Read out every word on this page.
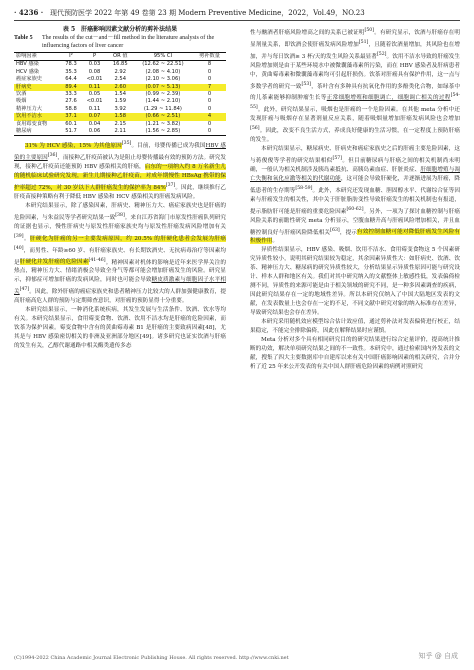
· 4236 · 现代预防医学 2022 年第 49 卷第 23 期 Modern Preventive Medicine，2022，Vol.49，NO.23
表 5　肝癌影响因素文献分析的剪补法结果
Table 5	The results of the cut－and－fill method in the literature analysis of the influencing factors of liver cancer
影响因素	I²	P	OR 值	95% CI	剪补数量
HBV 感染	78.3	0.03	16.85	(12.62 ~ 22.51)	8
HCV 感染	35.3	0.08	2.92	(2.08 ~ 4.10)	0
癌症家族史	64.4	<0.01	2.54	(2.10 ~ 3.06)	0
肝病史	89.4	0.11	2.60	(0.07 ~ 5.13)	7
饮酒	33.3	0.05	1.54	(0.99 ~ 2.39)	0
吸烟	27.6	<0.01	1.59	(1.44 ~ 2.10)	0
精神压力大	58.8	0.11	3.92	(1.29 ~ 11.84)	0
饮用不洁水	37.1	0.07	1.58	(0.66 ~ 2.51)	4
食用霉变食物	60.1	0.04	2.15	(1.21 ~ 3.82)	0
糖尿病	51.7	0.06	2.11	(1.56 ~ 2.85)	0

31% 为 HCV 感染，15% 为其他原因[35]。目前，母婴传播已成为我国HBV 感染的主要原因[36]，而接种乙肝疫苗被认为是阻止母婴传播最有效的预防方法。研究发现，接种乙肝疫苗还能预防 HBV 感染相关的肝癌，启东的一项纳入约 8 万名新生儿的随机临床试验研究发现，新生儿期接种乙肝疫苗，对成年期慢性 HBsAg 携带的保护率超过 72%，对 30 岁以下人群肝癌发生的保护率为 84%[37]。因此，继续推行乙肝疫苗接种策略有利于降低 HBV 感染和 HCV 感染相关的肝癌发病风险。

本研究结果显示，除了感染因素，肝病史、精神压力大、癌症家族史也是肝癌的危险因素，与朱益民等学者研究结果一致[38]。来自江苏省海门市原发性肝癌队列研究的证据也显示，慢性肝病史与原发性肝癌家族史均与原发性肝癌发病风险增加有关[39]。肝硬化为肝癌的另一主要发病原因，约 20.5% 的肝硬化患者会发展为肝癌[40]，而男性、年龄≥60 岁、有肝癌家族史、有长期饮酒史、无抗病毒治疗等因素均是肝硬化并发肝癌的危险因素[41-46]。精神因素对机体的影响是近年来医学界关注的热点，精神压力大、情绪消极会导致全身气等都可能会增加肝癌发生的风险。研究显示，抑郁症可增加肝癌的发病风险，同时也可能会导致糖皮质激素与细胞因子水平相关[47]。因此，除外肝癌的癌症家族史和患者精神压力比较大的人群加强健康教育，提高肝癌高危人群的预防与定期筛查意识，对肝癌的预防显得十分重要。

本研究结果显示，一种消化系统疾病，其发生发展与生活条件、饮酒、饮水等均有关。本研究结果显示，食用霉变食物、饮酒、饮用不洁水均是肝癌的危险因素，而饮茶为保护因素。霉变食物中含有的黄曲霉毒素 B1 是肝癌的主要致病因素[48]，尤其是与 HBV 感染密切相关的非洲及亚洲部分地区[49]。诸多研究也证实饮酒与肝癌的发生有关，乙醇代谢通路中相关酶类遗传多态

性与酗酒者肝癌风险增高之间的关系已被证明[50]。有研究显示，饮酒与肝癌存在明显剂量关系，即饮酒会使肝癌发病风险增加[51]，且随着饮酒量增加，其风险也在增加，并与每日饮酒≥ 3 杯/天的发生风险关系最显著[52]。饮用不洁水导致的肝癌发生风险增加则是由于某些环境水中被微囊藻毒素所污染，而在 HBV 感染者及肝病患者中，黄曲霉毒素和微囊藻毒素均可引起肝损伤。饮茶对肝癌具有保护作用，这一点与多数学者的研究一致[53]，茶叶含有多种具有抗氧化作用的多酚类化合物，如绿茶中的儿茶素能够抑制肿瘤生长等正常细胞增殖和细胞调亡，细胞调亡相关的过程[54-55]。此外，研究结果显示，吸烟也是肝癌的一个危险因素。在其他 meta 分析中还发现肝癌与吸烟存在显著剂量反应关系，随着吸烟量增加肝癌发病风险也会增加[56]。因此，改变不良生活方式，养成良好健康的生活习惯，在一定程度上预防肝癌的发生。

本研究结果显示，糖尿病史、肝病史和癌症家族史之后的肝癌主要危险因素，这与蒋俊俊等学者的研究结果相似[57]。但目前糖尿病与肝癌之间的相关机制尚未明确，一般认为相关机制涉及胰岛素抵抗、高胰岛素血症、肝脏炎症、肝细胞增殖与凋亡失衡和氧化应激等相关的代谢功能，这可能会导致肝硬化，并逐渐进展为肝癌，降低患者的生存期等[58-59]。此外，本研究还发现血糖、胆固醇水平、代谢综合征等因素与肝癌发生的相关性，其中关于肝脏脂肪变性导致肝癌发生的相关机制也有报道，提示脂肪肝可能是肝癌的重要危险因素[60-62]。另外，一项为了探讨血糖控制与肝癌风险关系的前瞻性研究 meta 分析显示，空腹血糖升高与肝癌风险增加相关，并且血糖控制良好与肝癌风险降低相关[63]，提示有效控制血糖可能对降低肝癌发生风险有积极作用。

异质性结果显示，HBV 感染、吸烟、饮用不洁水、食用霉变食物这 5 个因素研究异质性较小，说明其研究结果较为稳定，其余因素异质性大：如肝病史、饮酒、饮茶、精神压力大、糖尿病的研究异质性较大，分析结果显示异质性原因可能与研究设计、样本人群和地区有关。我们对其中研究纳入的文献整体上敏感性低，发表偏倚检测不同，异质性的来源可能是由于相关领域的研究不同，是一种多因素调查的疾病，因此研究结果存在一定的地域性差异。所以本研究仅纳入了中国大陆地区发表的文献，在发表数量上也会存在一定的不足，不同文献中研究对象的纳入标准存在差异，导致研究结果也会存在差异。

本研究采用随机效应模型综合估计效应值，通过剪补法对发表偏倚进行校正，结果稳定，不能完全排除偏倚，因此在解释结果时应谨慎。

Meta 分析对多个具有相同研究目的的研究结果进行综合定量评价，提高统计推断的功效，解决单项研究结果之间的不一致性。本研究中，通过检索国内外发表的文献，搜集了四大主要数据库中自建库以来有关中国肝癌影响因素的相关研究，合并分析了近 25 年来公开发表的有关中国人群肝癌危险因素的病例对照研究

(C)1994-2022 China Academic Journal Electronic Publishing House. All rights reserved. http://www.cnki.net	知乎 @ 自成
